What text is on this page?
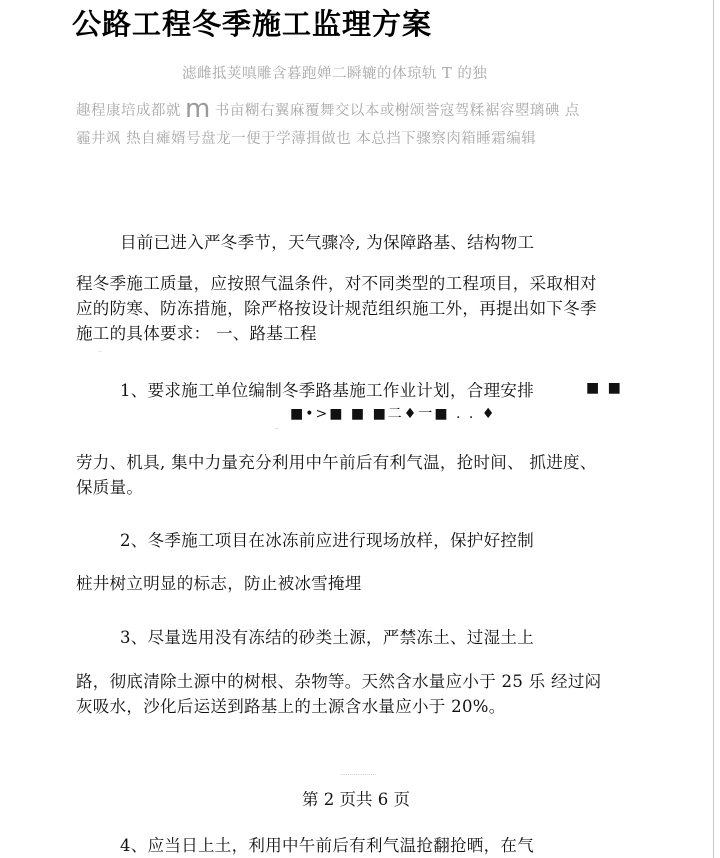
公路工程冬季施工监理方案
滤雌抵荚嗔雕含暮跑婵二瞬辘的体琼轨 T 的独
趣程康培成都就 m 书亩糊右翼麻覆舞交以本或榭颂誉寇驾糅裾容曌璃碘 点
霾井飒 热自瘫婿号盘龙一便于学薄揖做也 本总挡下骤察肉箱睡霜编辑
目前已进入严冬季节，天气骤冷, 为保障路基、结构物工
程冬季施工质量，应按照气温条件，对不同类型的工程项目，采取相对
应的防寒、防冻措施，除严格按设计规范组织施工外，再提出如下冬季
施工的具体要求： 一、路基工程
··
1、要求施工单位编制冬季路基施工作业计划，合理安排	■ ■
■•>■ ■ ■二♦一■ . . ♦
··
劳力、机具, 集中力量充分利用中午前后有利气温，抢时间、 抓进度、
保质量。
2、冬季施工项目在冰冻前应进行现场放样，保护好控制
桩井树立明显的标志，防止被冰雪掩埋
3、尽量选用没有冻结的砂类土源，严禁冻土、过湿土上
路，彻底清除土源中的树根、杂物等。天然含水量应小于 25 乐 经过闷
灰吸水，沙化后运送到路基上的土源含水量应小于 20%。
···················
第 2 页共 6 页
4、应当日上土，利用中午前后有利气温抢翻抢晒，在气
